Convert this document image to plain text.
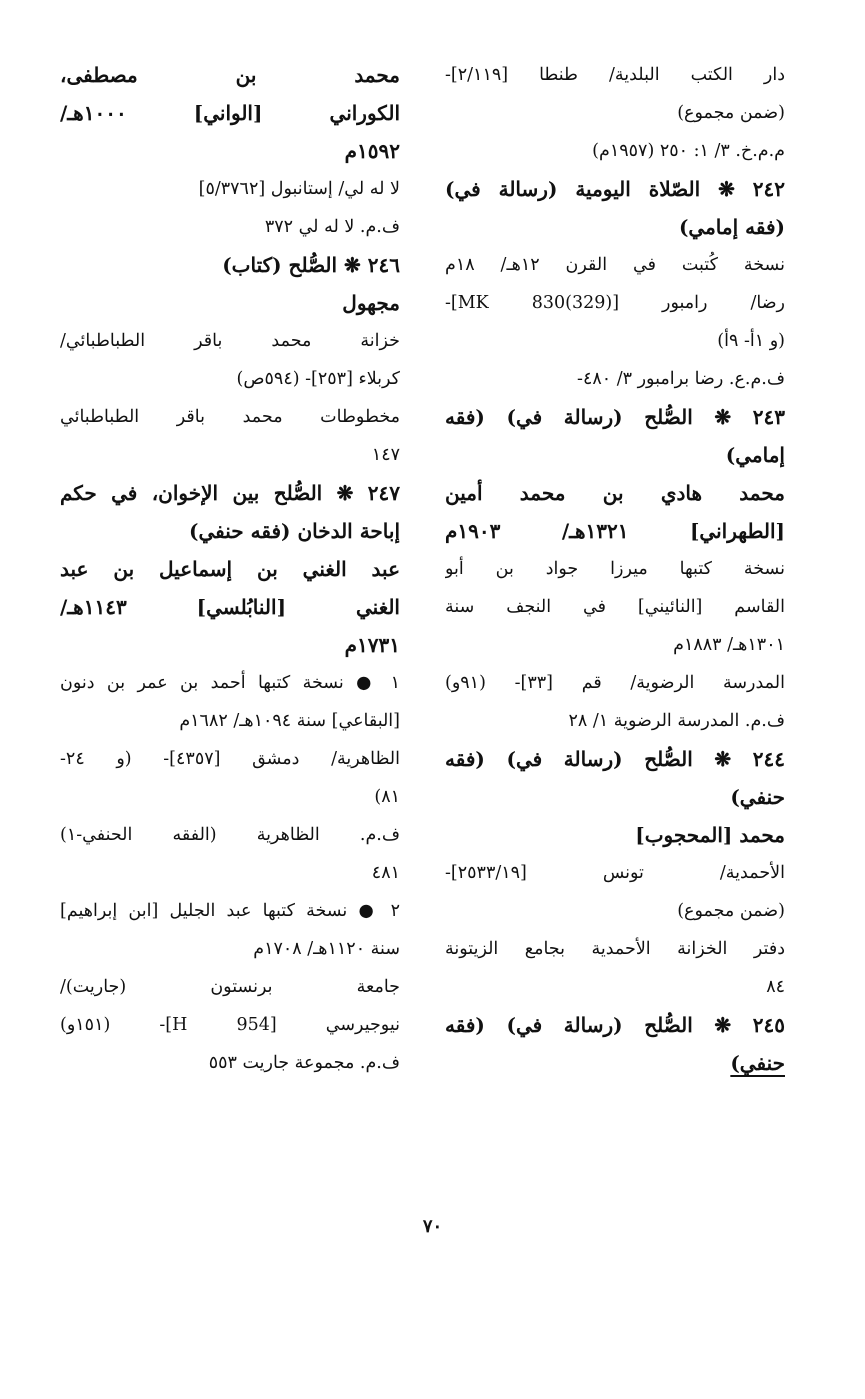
دار الكتب البلدية/ طنطا [٢/١١٩]-
(ضمن مجموع)
م.م.خ. ٣/ ١: ٢٥٠ (١٩٥٧م)
٢٤٢ ❋ الصّلاة اليومية (رسالة في)
(فقه إمامي)
نسخة كُتبت في القرن ١٢هـ/ ١٨م
رضا/ رامبور [MK 830(329)]-
(و ١أ- ٩أ)
ف.م.ع. رضا برامبور ٣/ ٤٨٠-
٢٤٣ ❋ الصُّلح (رسالة في) (فقه
إمامي)
محمد هادي بن محمد أمين
[الطهراني] ١٣٢١هـ/ ١٩٠٣م
نسخة كتبها ميرزا جواد بن أبو
القاسم [النائيني] في النجف سنة
١٣٠١هـ/ ١٨٨٣م
المدرسة الرضوية/ قم [٣٣]- (٩١و)
ف.م. المدرسة الرضوية ١/ ٢٨
٢٤٤ ❋ الصُّلح (رسالة في) (فقه
حنفي)
محمد [المحجوب]
الأحمدية/ تونس [٢٥٣٣/١٩]-
(ضمن مجموع)
دفتر الخزانة الأحمدية بجامع الزيتونة
٨٤
٢٤٥ ❋ الصُّلح (رسالة في) (فقه
حنفي)
محمد بن مصطفى،
الكوراني [الواني] ١٠٠٠هـ/
١٥٩٢م
لا له لي/ إستانبول [٥/٣٧٦٢]
ف.م. لا له لي ٣٧٢
٢٤٦ ❋ الصُّلح (كتاب)
مجهول
خزانة محمد باقر الطباطبائي/
كربلاء [٢٥٣]- (٥٩٤ص)
مخطوطات محمد باقر الطباطبائي
١٤٧
٢٤٧ ❋ الصُّلح بين الإخوان، في حكم
إباحة الدخان (فقه حنفي)
عبد الغني بن إسماعيل بن عبد
الغني [النابُلسي] ١١٤٣هـ/
١٧٣١م
١ ● نسخة كتبها أحمد بن عمر بن دنون
[البقاعي] سنة ١٠٩٤هـ/ ١٦٨٢م
الظاهرية/ دمشق [٤٣٥٧]- (و ٢٤-
٨١)
ف.م. الظاهرية (الفقه الحنفي-١)
٤٨١
٢ ● نسخة كتبها عبد الجليل [ابن إبراهيم]
سنة ١١٢٠هـ/ ١٧٠٨م
جامعة برنستون (جاريت)/
نيوجيرسي [H 954]- (١٥١و)
ف.م. مجموعة جاريت ٥٥٣
٧٠
